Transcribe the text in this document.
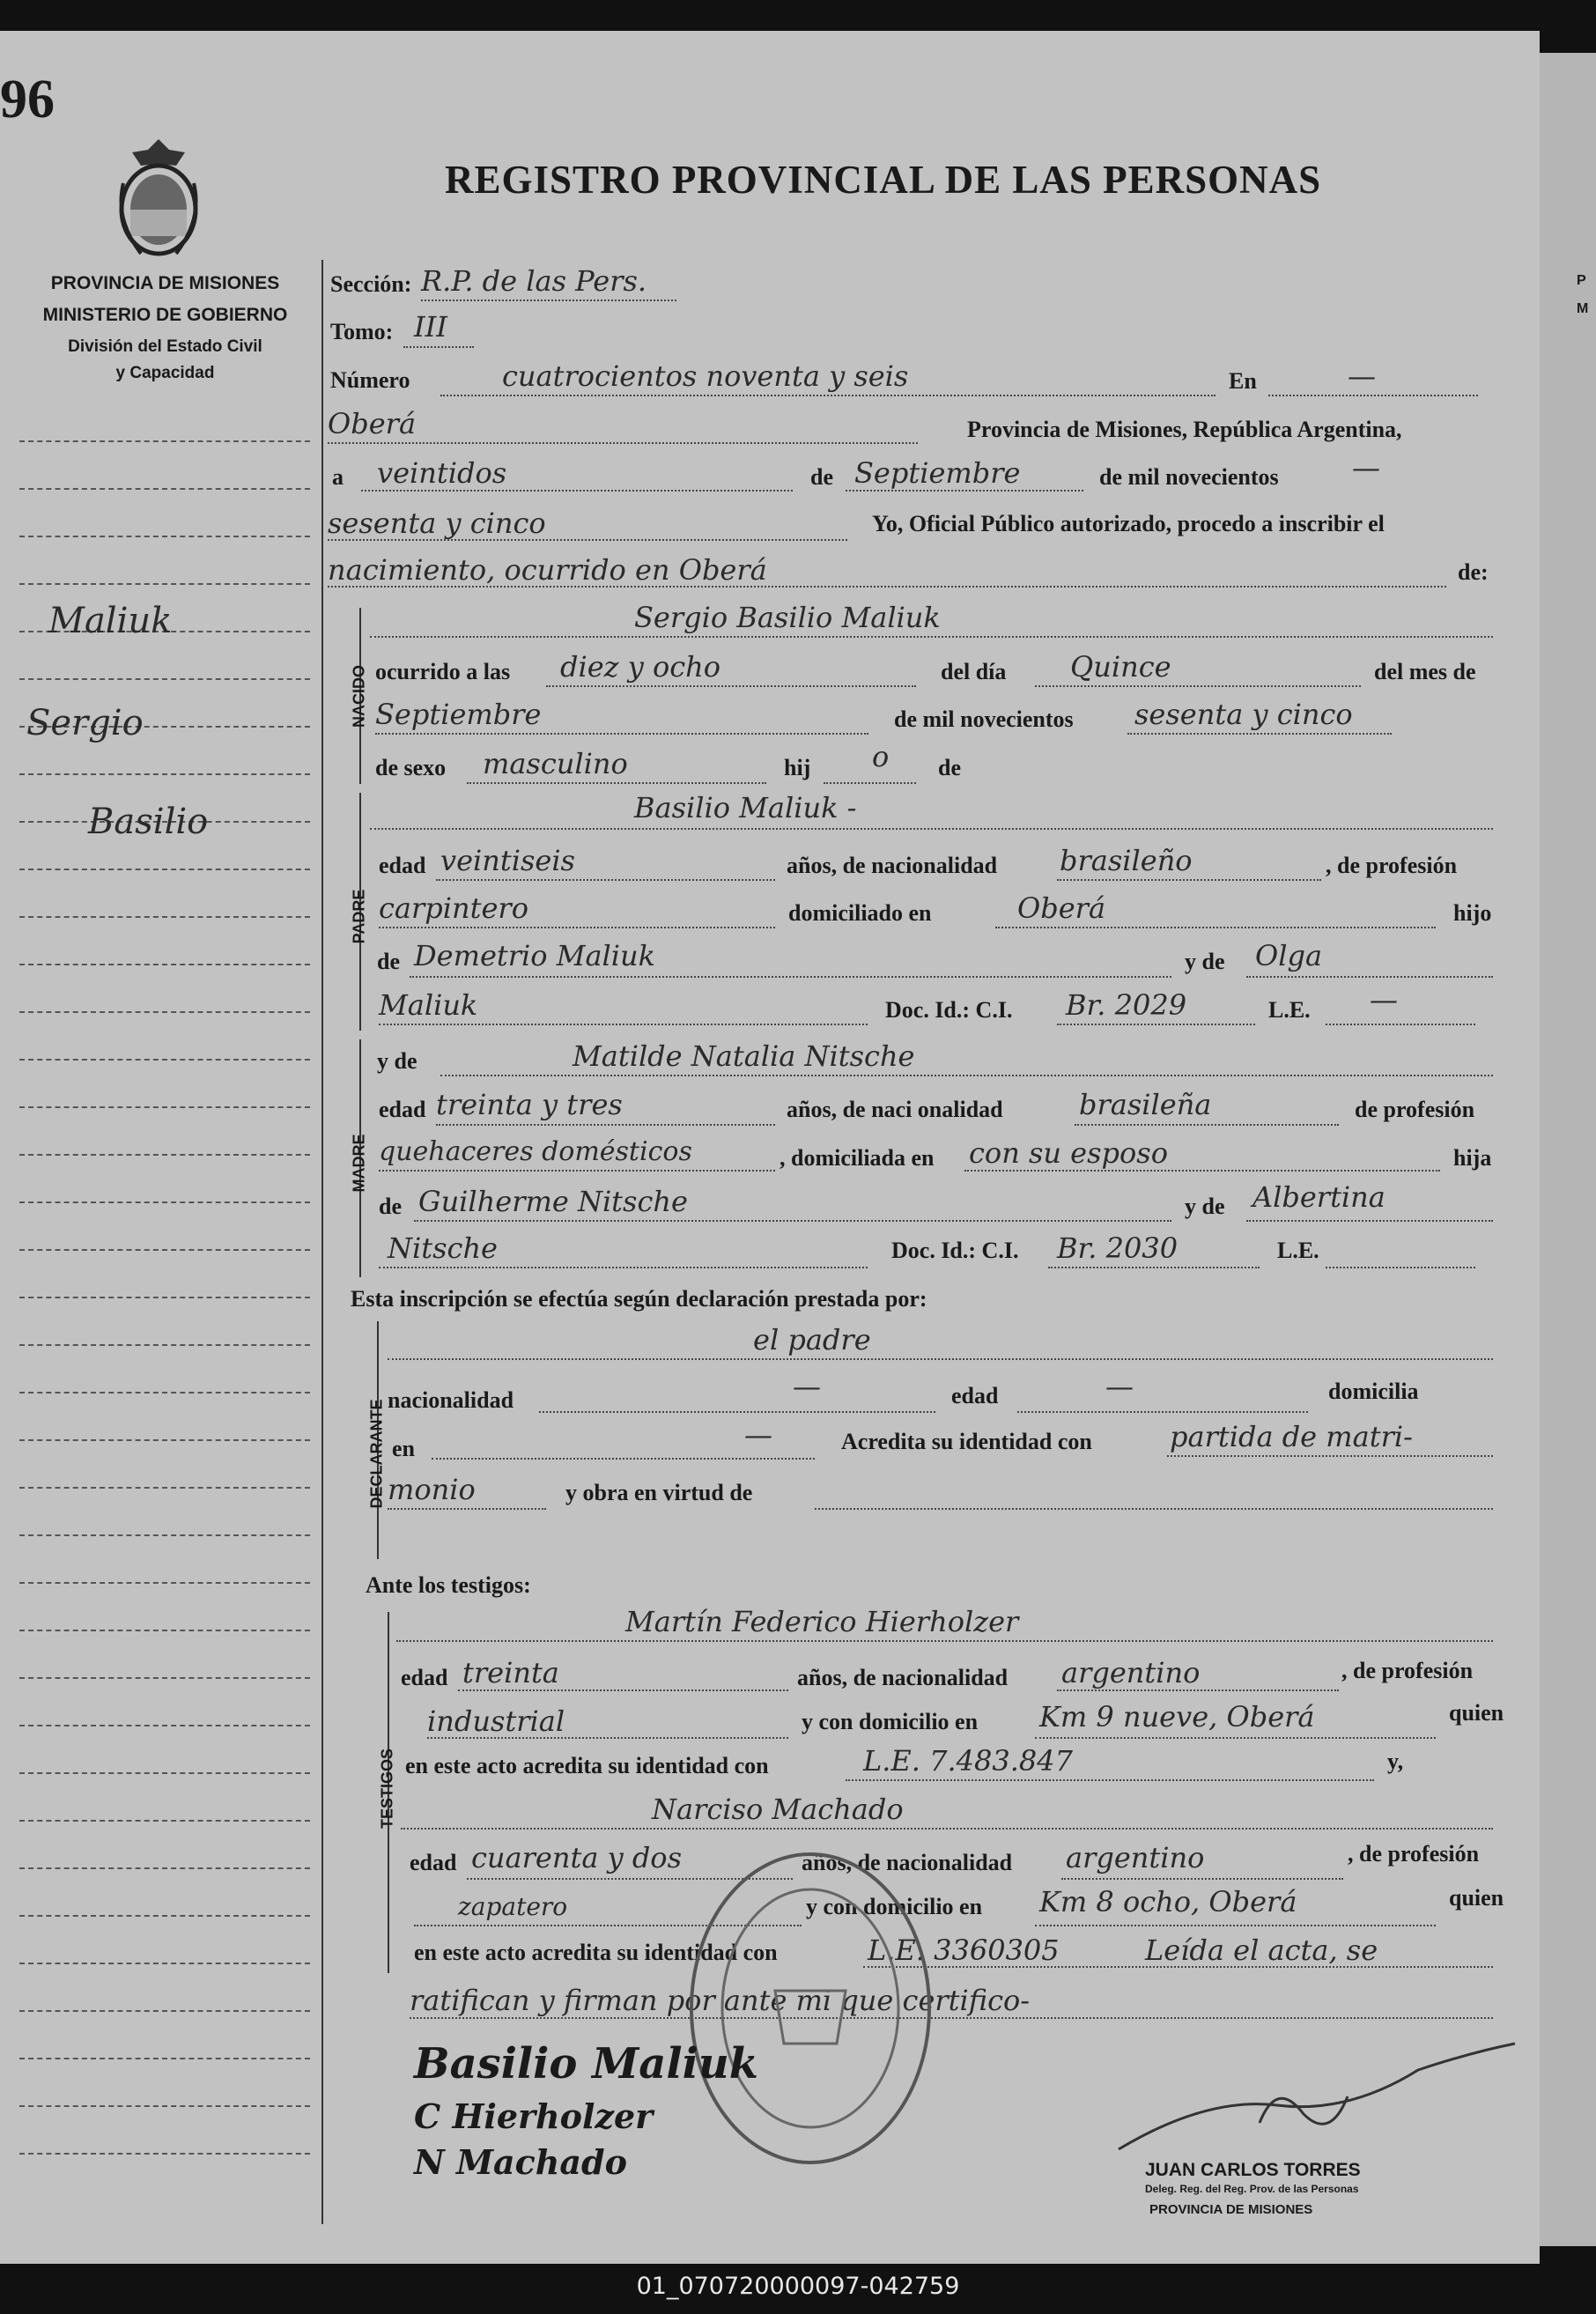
P
M
96
REGISTRO PROVINCIAL DE LAS PERSONAS
PROVINCIA DE MISIONES
MINISTERIO DE GOBIERNO
División del Estado Civil
y Capacidad
Maliuk
Sergio
Basilio
Sección: R.P. de las Pers.
Tomo: III
Número	cuatrocientos noventa y seis	En	—
Oberá	Provincia de Misiones, República Argentina,
a veintidos	de Septiembre	de mil novecientos	—
sesenta y cinco	Yo, Oficial Público autorizado, procedo a inscribir el
nacimiento, ocurrido en Oberá	de:
NACIDO
Sergio Basilio Maliuk
ocurrido a las diez y ocho	del día Quince	del mes de
Septiembre	de mil novecientos sesenta y cinco
de sexo masculino	hij o de
PADRE
Basilio Maliuk -
edad veintiseis	años, de nacionalidad brasileño	, de profesión
carpintero	domiciliado en	Oberá	hijo
de Demetrio Maliuk	y de Olga
Maliuk	Doc. Id.: C.I. Br. 2029	L.E. —
MADRE
y de	Matilde Natalia Nitsche
edad treinta y tres	años, de naci onalidad	brasileña	de profesión
quehaceres domésticos	, domiciliada en con su esposo	hija
de Guilherme Nitsche	y de Albertina
Nitsche	Doc. Id.: C.I. Br. 2030	L.E.
Esta inscripción se efectúa según declaración prestada por:
DECLARANTE
el padre
nacionalidad	—	edad	—	domicilia
en	—	Acredita su identidad con	partida de matri-
monio	y obra en virtud de
Ante los testigos:
TESTIGOS
Martín Federico Hierholzer
edad treinta	años, de nacionalidad argentino	, de profesión
industrial	y con domicilio en Km 9 nueve, Oberá	quien
en este acto acredita su identidad con	L.E. 7.483.847	y,
Narciso Machado
edad cuarenta y dos	años, de nacionalidad argentino	, de profesión
zapatero	y con domicilio en Km 8 ocho, Oberá	quien
en este acto acredita su identidad con	L.E. 3360305	Leída el acta, se
ratifican y firman por ante mi que certifico-
Basilio Maliuk
C Hierholzer
N Machado	JUAN CARLOS TORRES
Deleg. Reg. del Reg. Prov. de las Personas
PROVINCIA DE MISIONES
01_070720000097-042759
